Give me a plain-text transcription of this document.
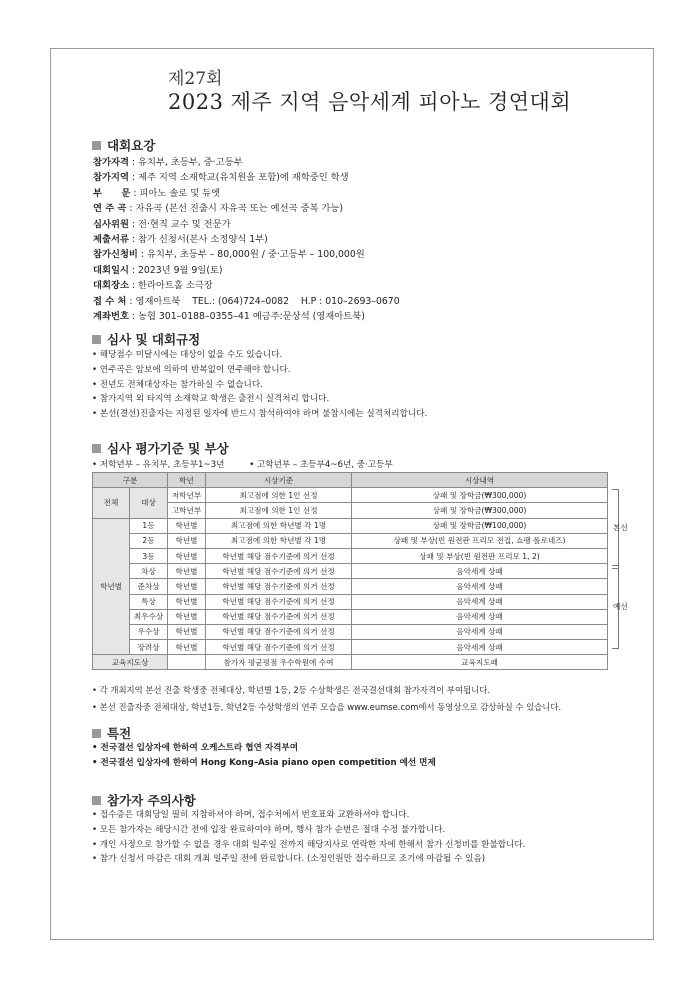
제27회
2023 제주 지역 음악세계 피아노 경연대회
대회요강
참가자격 : 유치부, 초등부, 중·고등부
참가지역 : 제주 지역 소재학교(유치원을 포함)에 재학중인 학생
부      문 : 피아노 솔로 및 듀엣
연 주 곡 : 자유곡 (본선 진출시 자유곡 또는 예선곡 중복 가능)
심사위원 : 전·현직 교수 및 전문가
제출서류 : 참가 신청서(본사 소정양식 1부)
참가신청비 : 유치부, 초등부 – 80,000원 / 중·고등부 – 100,000원
대회일시 : 2023년 9월 9일(토)
대회장소 : 한라아트홀 소극장
접 수 처 : 영재아트북    TEL.: (064)724–0082    H.P : 010–2693–0670
계좌번호 : 농협 301–0188–0355–41 예금주:문상석 (영재아트북)
심사 및 대회규정
• 해당점수 미달시에는 대상이 없을 수도 있습니다.
• 연주곡은 암보에 의하여 반복없이 연주해야 합니다.
• 전년도 전체대상자는 참가하실 수 없습니다.
• 참가지역 외 타지역 소재학교 학생은 출전시 실격처리 합니다.
• 본선(결선)진출자는 지정된 일자에 반드시 참석하여야 하며 불참시에는 실격처리합니다.
심사 평가기준 및 부상
• 저학년부 – 유치부, 초등부1~3년	• 고학년부 – 초등부4~6년, 중·고등부
구분		학년	시상기준	시상내역
전체	대상	저학년부	최고점에 의한 1인 선정	상패 및 장학금(₩300,000)
		고학년부	최고점에 의한 1인 선정	상패 및 장학금(₩300,000)
학년별	1등	학년별	최고점에 의한 학년별 각 1명	상패 및 장학금(₩100,000)
	2등	학년별	최고점에 의한 학년별 각 1명	상패 및 부상(빈 원전판 프리모 전집, 쇼팽 폴로네즈)
	3등	학년별	학년별 해당 점수기준에 의거 선정	상패 및 부상(빈 원전판 프리모 1, 2)
	차상	학년별	학년별 해당 점수기준에 의거 선정	음악세계 상패
	준차상	학년별	학년별 해당 점수기준에 의거 선정	음악세계 상패
	특상	학년별	학년별 해당 점수기준에 의거 선정	음악세계 상패
	최우수상	학년별	학년별 해당 점수기준에 의거 선정	음악세계 상패
	우수상	학년별	학년별 해당 점수기준에 의거 선정	음악세계 상패
	장려상	학년별	학년별 해당 점수기준에 의거 선정	음악세계 상패
교육지도상			참가자 평균평점 우수학원에 수여	교육지도패
본선
예선
• 각 개최지역 본선 진출 학생중 전체대상, 학년별 1등, 2등 수상학생은 전국결선대회 참가자격이 부여됩니다.
• 본선 진출자중 전체대상, 학년1등, 학년2등 수상학생의 연주 모습을 www.eumse.com에서 동영상으로 감상하실 수 있습니다.
특전
• 전국결선 입상자에 한하여 오케스트라 협연 자격부여
• 전국결선 입상자에 한하여 Hong Kong–Asia piano open competition 예선 면제
참가자 주의사항
• 접수증은 대회당일 필히 지참하셔야 하며, 접수처에서 번호표와 교환하셔야 합니다.
• 모든 참가자는 해당시간 전에 입장 완료하여야 하며, 행사 참가 순번은 절대 수정 불가합니다.
• 개인 사정으로 참가할 수 없을 경우 대회 일주일 전까지 해당지사로 연락한 자에 한해서 참가 신청비를 환불합니다.
• 참가 신청서 마감은 대회 개최 일주일 전에 완료합니다. (소정인원만 접수하므로 조기에 마감될 수 있음)
